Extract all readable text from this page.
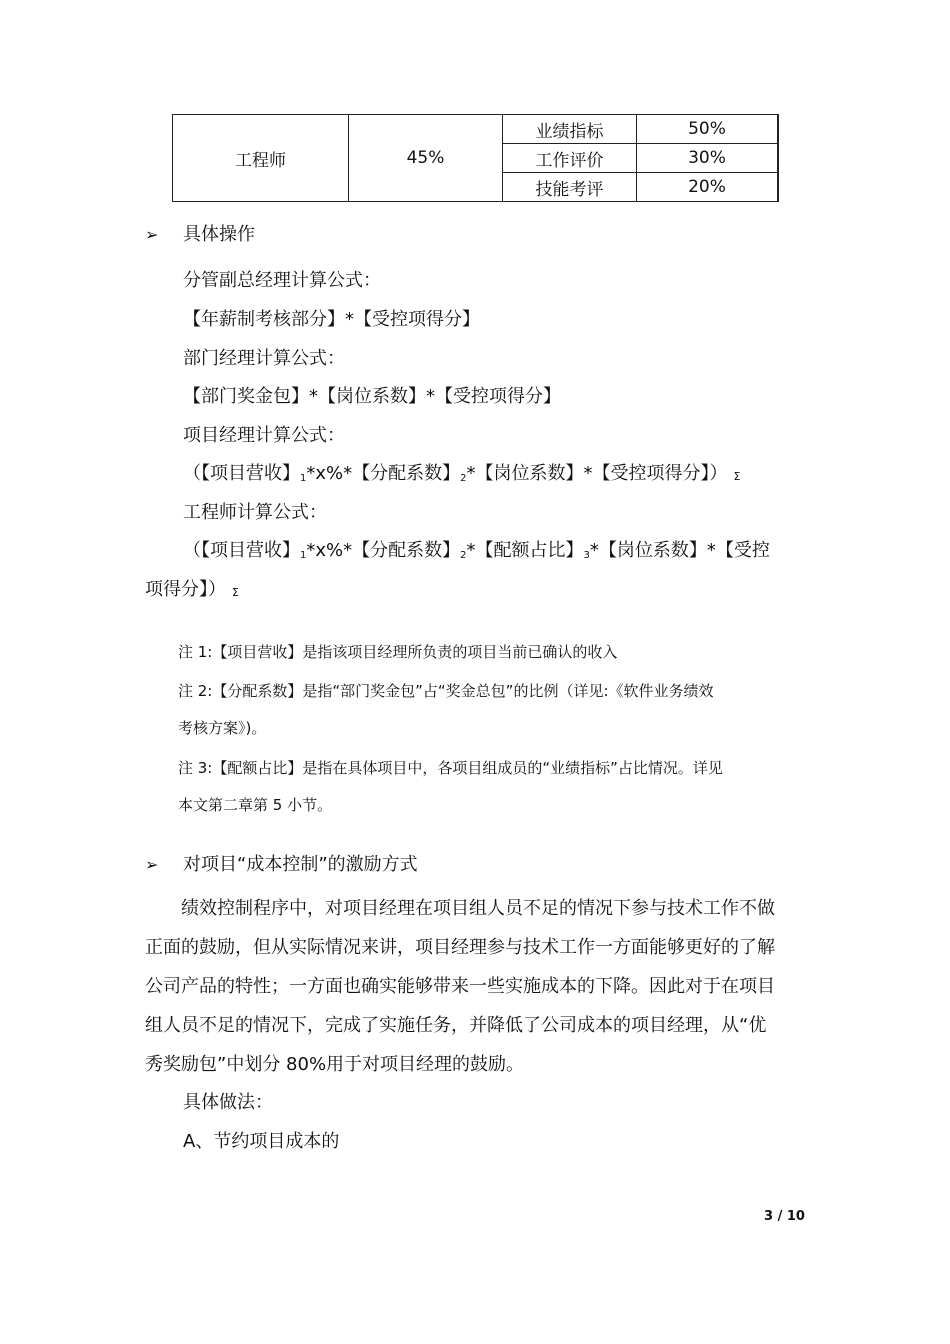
工程师	45%	业绩指标	50%
		工作评价	30%
		技能考评	20%
➢ 具体操作
分管副总经理计算公式：
【年薪制考核部分】*【受控项得分】
部门经理计算公式：
【部门奖金包】*【岗位系数】*【受控项得分】
项目经理计算公式：
（【项目营收】$_1$*x%*【分配系数】$_2$*【岗位系数】*【受控项得分】） Σ
工程师计算公式：
（【项目营收】$_1$*x%*【分配系数】$_2$*【配额占比】$_3$*【岗位系数】*【受控
项得分】） Σ
注 1:【项目营收】是指该项目经理所负责的项目当前已确认的收入
注 2:【分配系数】是指“部门奖金包”占“奖金总包”的比例（详见:《软件业务绩效
考核方案》)。
注 3:【配额占比】是指在具体项目中，各项目组成员的“业绩指标”占比情况。详见
本文第二章第 5 小节。
➢ 对项目“成本控制”的激励方式
　　绩效控制程序中，对项目经理在项目组人员不足的情况下参与技术工作不做
正面的鼓励，但从实际情况来讲，项目经理参与技术工作一方面能够更好的了解
公司产品的特性；一方面也确实能够带来一些实施成本的下降。因此对于在项目
组人员不足的情况下，完成了实施任务，并降低了公司成本的项目经理，从“优
秀奖励包”中划分 80%用于对项目经理的鼓励。
具体做法：
A、节约项目成本的
3 / 10
